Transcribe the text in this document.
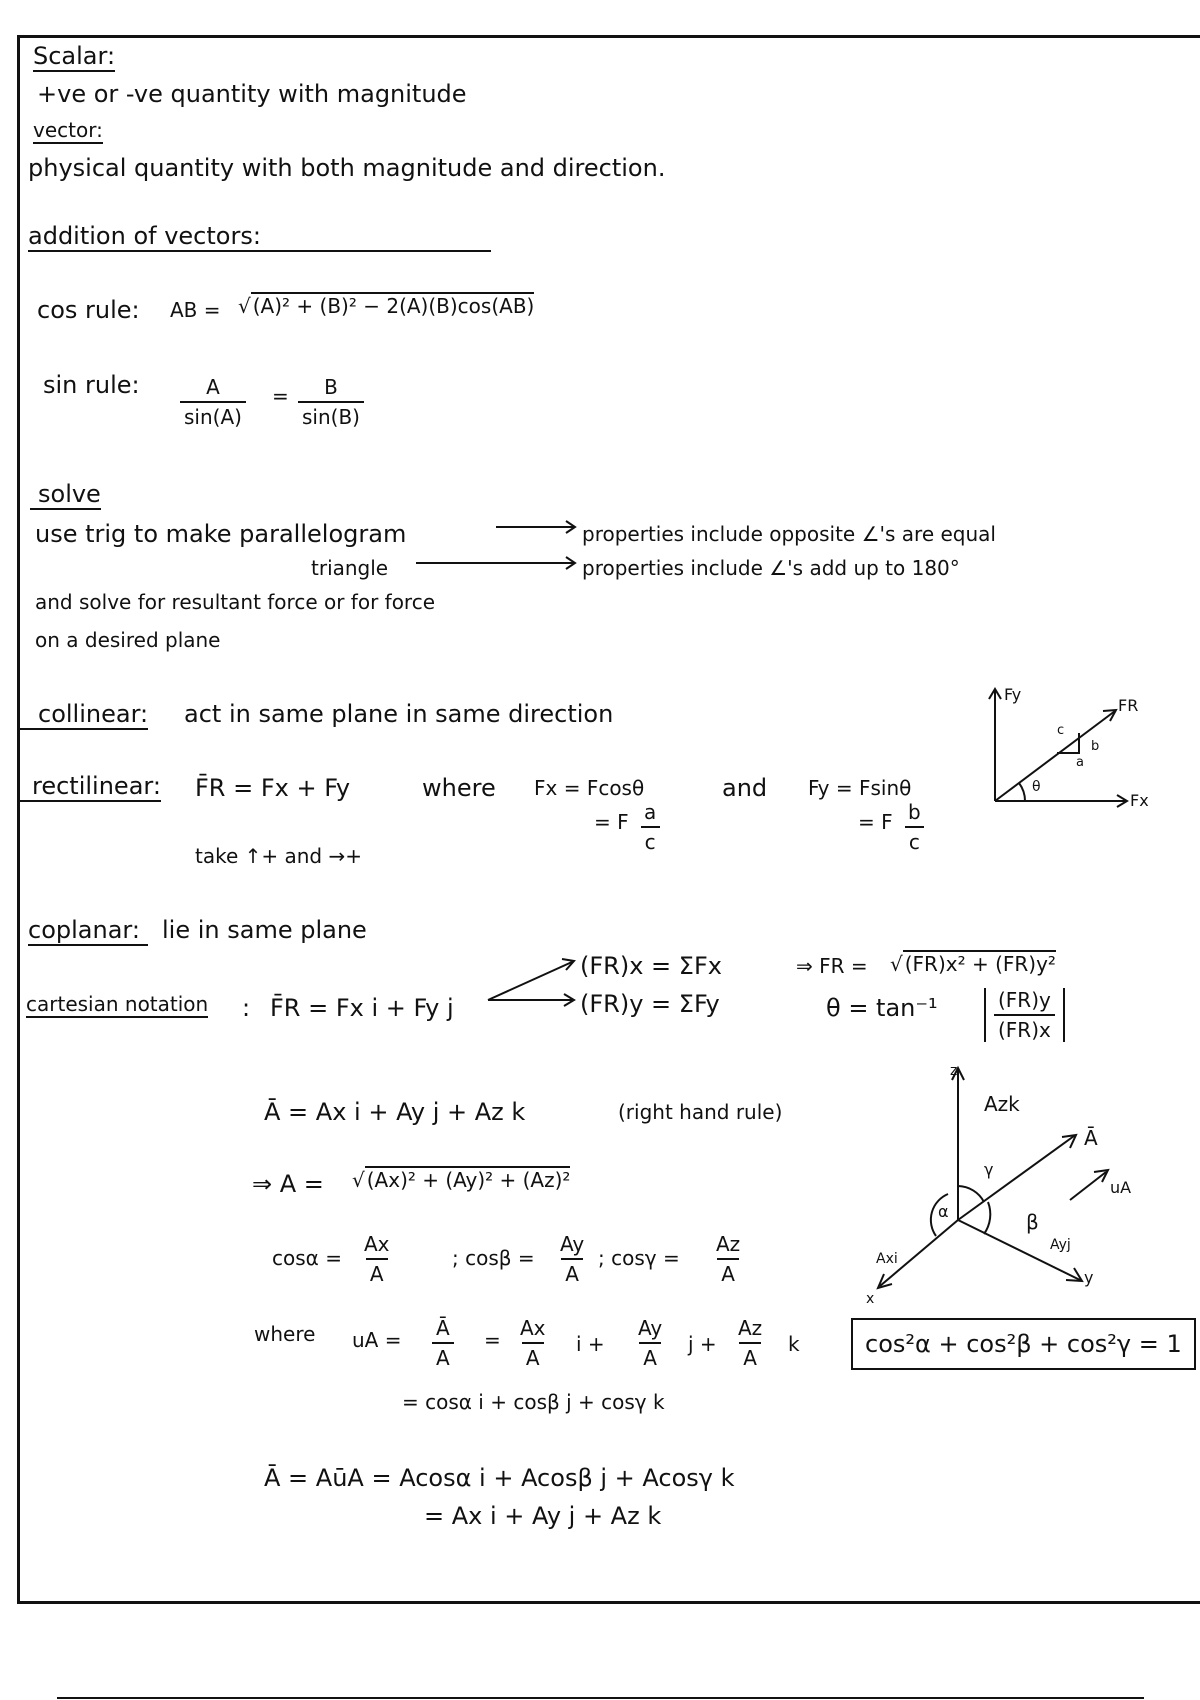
Scalar:
+ve or -ve quantity with magnitude
vector:
physical quantity with both magnitude and direction.
addition of vectors:
cos rule: AB = √ (A)² + (B)² − 2(A)(B)cos(AB)
sin rule: $\frac{A}{\sin(A)} = \frac{B}{\sin(B)}$
solve
use trig to make parallelogram	properties include opposite ∠'s are equal
triangle	properties include ∠'s add up to 180°
and solve for resultant force or for force
on a desired plane
collinear: act in same plane in same direction
rectilinear: F̄R = Fx + Fy	where Fx = Fcosθ
= F $\frac{a}{c}$
and Fy = Fsinθ
= F $\frac{b}{c}$
take ↑+ and →+
Fy
FR
Fx
c
b
a
θ
coplanar: lie in same plane
cartesian notation : F̄R = Fx i + Fy j
(FR)x = ΣFx
(FR)y = ΣFy
⇒ FR = √ (FR)x² + (FR)y²
$\theta = \tan^{-1} \frac{(FR)y}{(FR)x}$
Ā = Ax i + Ay j + Az k	(right hand rule)
⇒ A = √ (Ax)² + (Ay)² + (Az)²
$\cos\alpha = \frac{Ax}{A}$	; $\cos\beta = \frac{Ay}{A}$ ; $\cos\gamma = \frac{Az}{A}$
where uA = $\frac{Ā}{A} = \frac{Ax}{A}$ $i + \frac{Ay}{A}$ $j + \frac{Az}{A}$ k
= cosα i + cosβ j + cosγ k
Ā = AūA = Acosα i + Acosβ j + Acosγ k
= Ax i + Ay j + Az k
cos²α + cos²β + cos²γ = 1
z
Azk
Ā
uA
γ
α	β
Axi
Ayj
y
x
